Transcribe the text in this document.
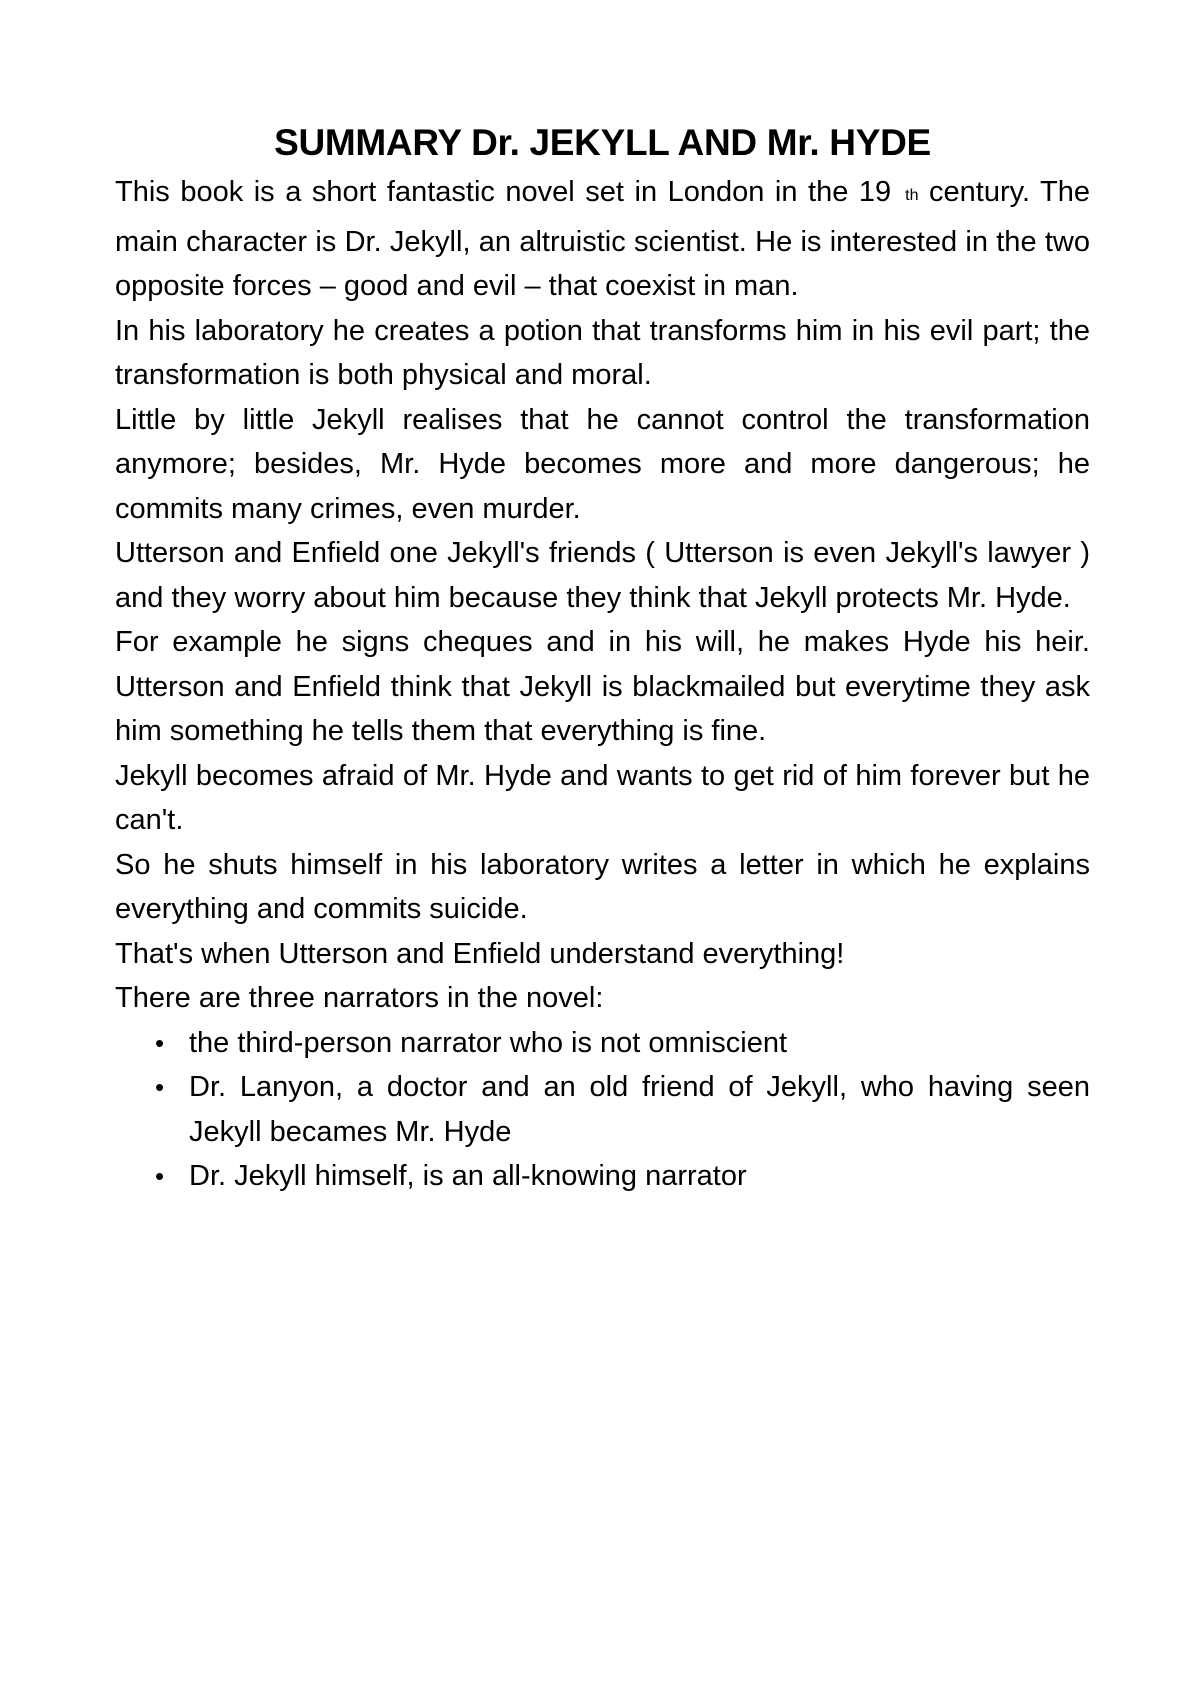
SUMMARY Dr. JEKYLL AND Mr. HYDE

This book is a short fantastic novel set in London in the 19 $^{th}$ century. The main character is Dr. Jekyll, an altruistic scientist. He is interested in the two opposite forces – good and evil – that coexist in man.

In his laboratory he creates a potion that transforms him in his evil part; the transformation is both physical and moral.

Little by little Jekyll realises that he cannot control the transformation anymore; besides, Mr. Hyde becomes more and more dangerous; he commits many crimes, even murder.

Utterson and Enfield one Jekyll's friends ( Utterson is even Jekyll's lawyer ) and they worry about him because they think that Jekyll protects Mr. Hyde.

For example he signs cheques and in his will, he makes Hyde his heir. Utterson and Enfield think that Jekyll is blackmailed but everytime they ask him something he tells them that everything is fine.

Jekyll becomes afraid of Mr. Hyde and wants to get rid of him forever but he can't.

So he shuts himself in his laboratory writes a letter in which he explains everything and commits suicide.

That's when Utterson and Enfield understand everything!

There are three narrators in the novel:

• the third-person narrator who is not omniscient
• Dr. Lanyon, a doctor and an old friend of Jekyll, who having seen Jekyll becames Mr. Hyde
• Dr. Jekyll himself, is an all-knowing narrator
